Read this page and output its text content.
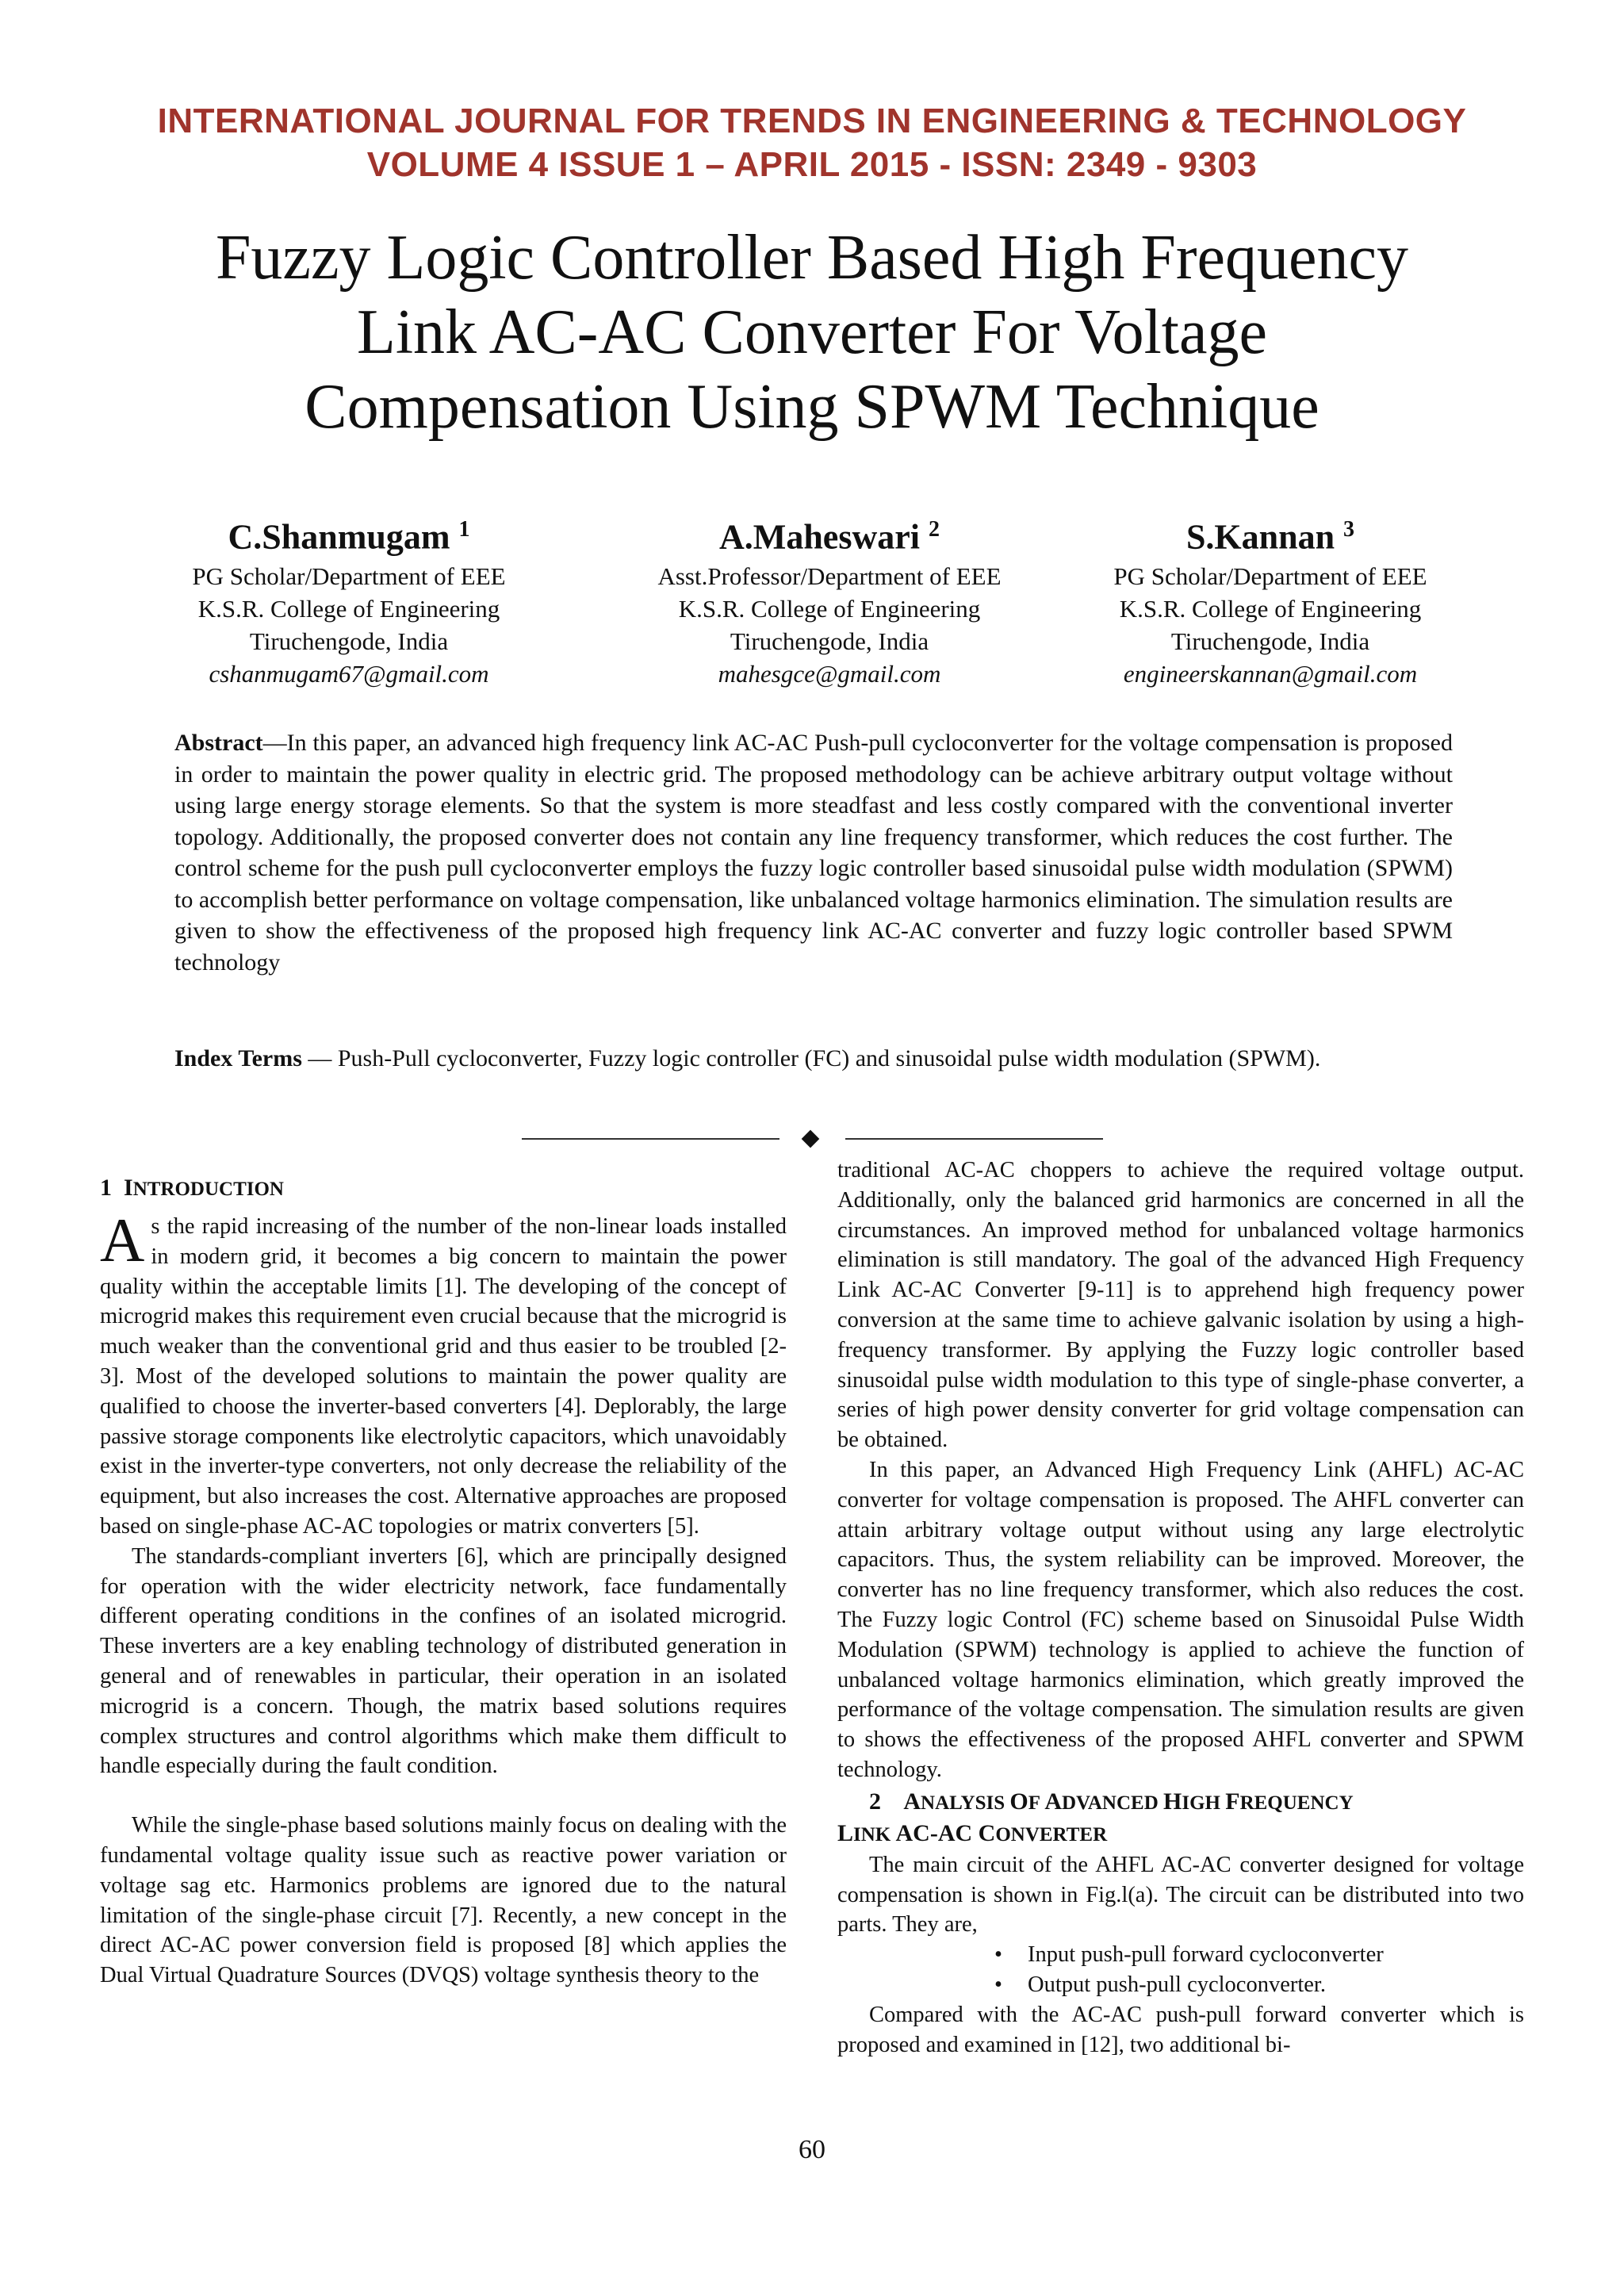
INTERNATIONAL JOURNAL FOR TRENDS IN ENGINEERING & TECHNOLOGY
VOLUME 4 ISSUE 1 – APRIL 2015 - ISSN: 2349 - 9303
Fuzzy Logic Controller Based High Frequency
Link AC-AC Converter For Voltage
Compensation Using SPWM Technique
C.Shanmugam $^1$
PG Scholar/Department of EEE
K.S.R. College of Engineering
Tiruchengode, India
cshanmugam67@gmail.com
A.Maheswari $^2$
Asst.Professor/Department of EEE
K.S.R. College of Engineering
Tiruchengode, India
mahesgce@gmail.com
S.Kannan $^3$
PG Scholar/Department of EEE
K.S.R. College of Engineering
Tiruchengode, India
engineerskannan@gmail.com
Abstract—In this paper, an advanced high frequency link AC-AC Push-pull cycloconverter for the voltage compensation is proposed in order to maintain the power quality in electric grid. The proposed methodology can be achieve arbitrary output voltage without using large energy storage elements. So that the system is more steadfast and less costly compared with the conventional inverter topology. Additionally, the proposed converter does not contain any line frequency transformer, which reduces the cost further. The control scheme for the push pull cycloconverter employs the fuzzy logic controller based sinusoidal pulse width modulation (SPWM) to accomplish better performance on voltage compensation, like unbalanced voltage harmonics elimination. The simulation results are given to show the effectiveness of the proposed high frequency link AC-AC converter and fuzzy logic controller based SPWM technology
Index Terms — Push-Pull cycloconverter, Fuzzy logic controller (FC) and sinusoidal pulse width modulation (SPWM).
1 INTRODUCTION

As the rapid increasing of the number of the non-linear loads installed in modern grid, it becomes a big concern to maintain the power quality within the acceptable limits [1]. The developing of the concept of microgrid makes this requirement even crucial because that the microgrid is much weaker than the conventional grid and thus easier to be troubled [2-3]. Most of the developed solutions to maintain the power quality are qualified to choose the inverter-based converters [4]. Deplorably, the large passive storage components like electrolytic capacitors, which unavoidably exist in the inverter-type converters, not only decrease the reliability of the equipment, but also increases the cost. Alternative approaches are proposed based on single-phase AC-AC topologies or matrix converters [5].

The standards-compliant inverters [6], which are principally designed for operation with the wider electricity network, face fundamentally different operating conditions in the confines of an isolated microgrid. These inverters are a key enabling technology of distributed generation in general and of renewables in particular, their operation in an isolated microgrid is a concern. Though, the matrix based solutions requires complex structures and control algorithms which make them difficult to handle especially during the fault condition.

While the single-phase based solutions mainly focus on dealing with the fundamental voltage quality issue such as reactive power variation or voltage sag etc. Harmonics problems are ignored due to the natural limitation of the single-phase circuit [7]. Recently, a new concept in the direct AC-AC power conversion field is proposed [8] which applies the Dual Virtual Quadrature Sources (DVQS) voltage synthesis theory to the

traditional AC-AC choppers to achieve the required voltage output. Additionally, only the balanced grid harmonics are concerned in all the circumstances. An improved method for unbalanced voltage harmonics elimination is still mandatory. The goal of the advanced High Frequency Link AC-AC Converter [9-11] is to apprehend high frequency power conversion at the same time to achieve galvanic isolation by using a high-frequency transformer. By applying the Fuzzy logic controller based sinusoidal pulse width modulation to this type of single-phase converter, a series of high power density converter for grid voltage compensation can be obtained.

In this paper, an Advanced High Frequency Link (AHFL) AC-AC converter for voltage compensation is proposed. The AHFL converter can attain arbitrary voltage output without using any large electrolytic capacitors. Thus, the system reliability can be improved. Moreover, the converter has no line frequency transformer, which also reduces the cost. The Fuzzy logic Control (FC) scheme based on Sinusoidal Pulse Width Modulation (SPWM) technology is applied to achieve the function of unbalanced voltage harmonics elimination, which greatly improved the performance of the voltage compensation. The simulation results are given to shows the effectiveness of the proposed AHFL converter and SPWM technology.

2 ANALYSIS OF ADVANCED HIGH FREQUENCY
LINK AC-AC CONVERTER

The main circuit of the AHFL AC-AC converter designed for voltage compensation is shown in Fig.l(a). The circuit can be distributed into two parts. They are,

• Input push-pull forward cycloconverter
• Output push-pull cycloconverter.

Compared with the AC-AC push-pull forward converter which is proposed and examined in [12], two additional bi-

60
